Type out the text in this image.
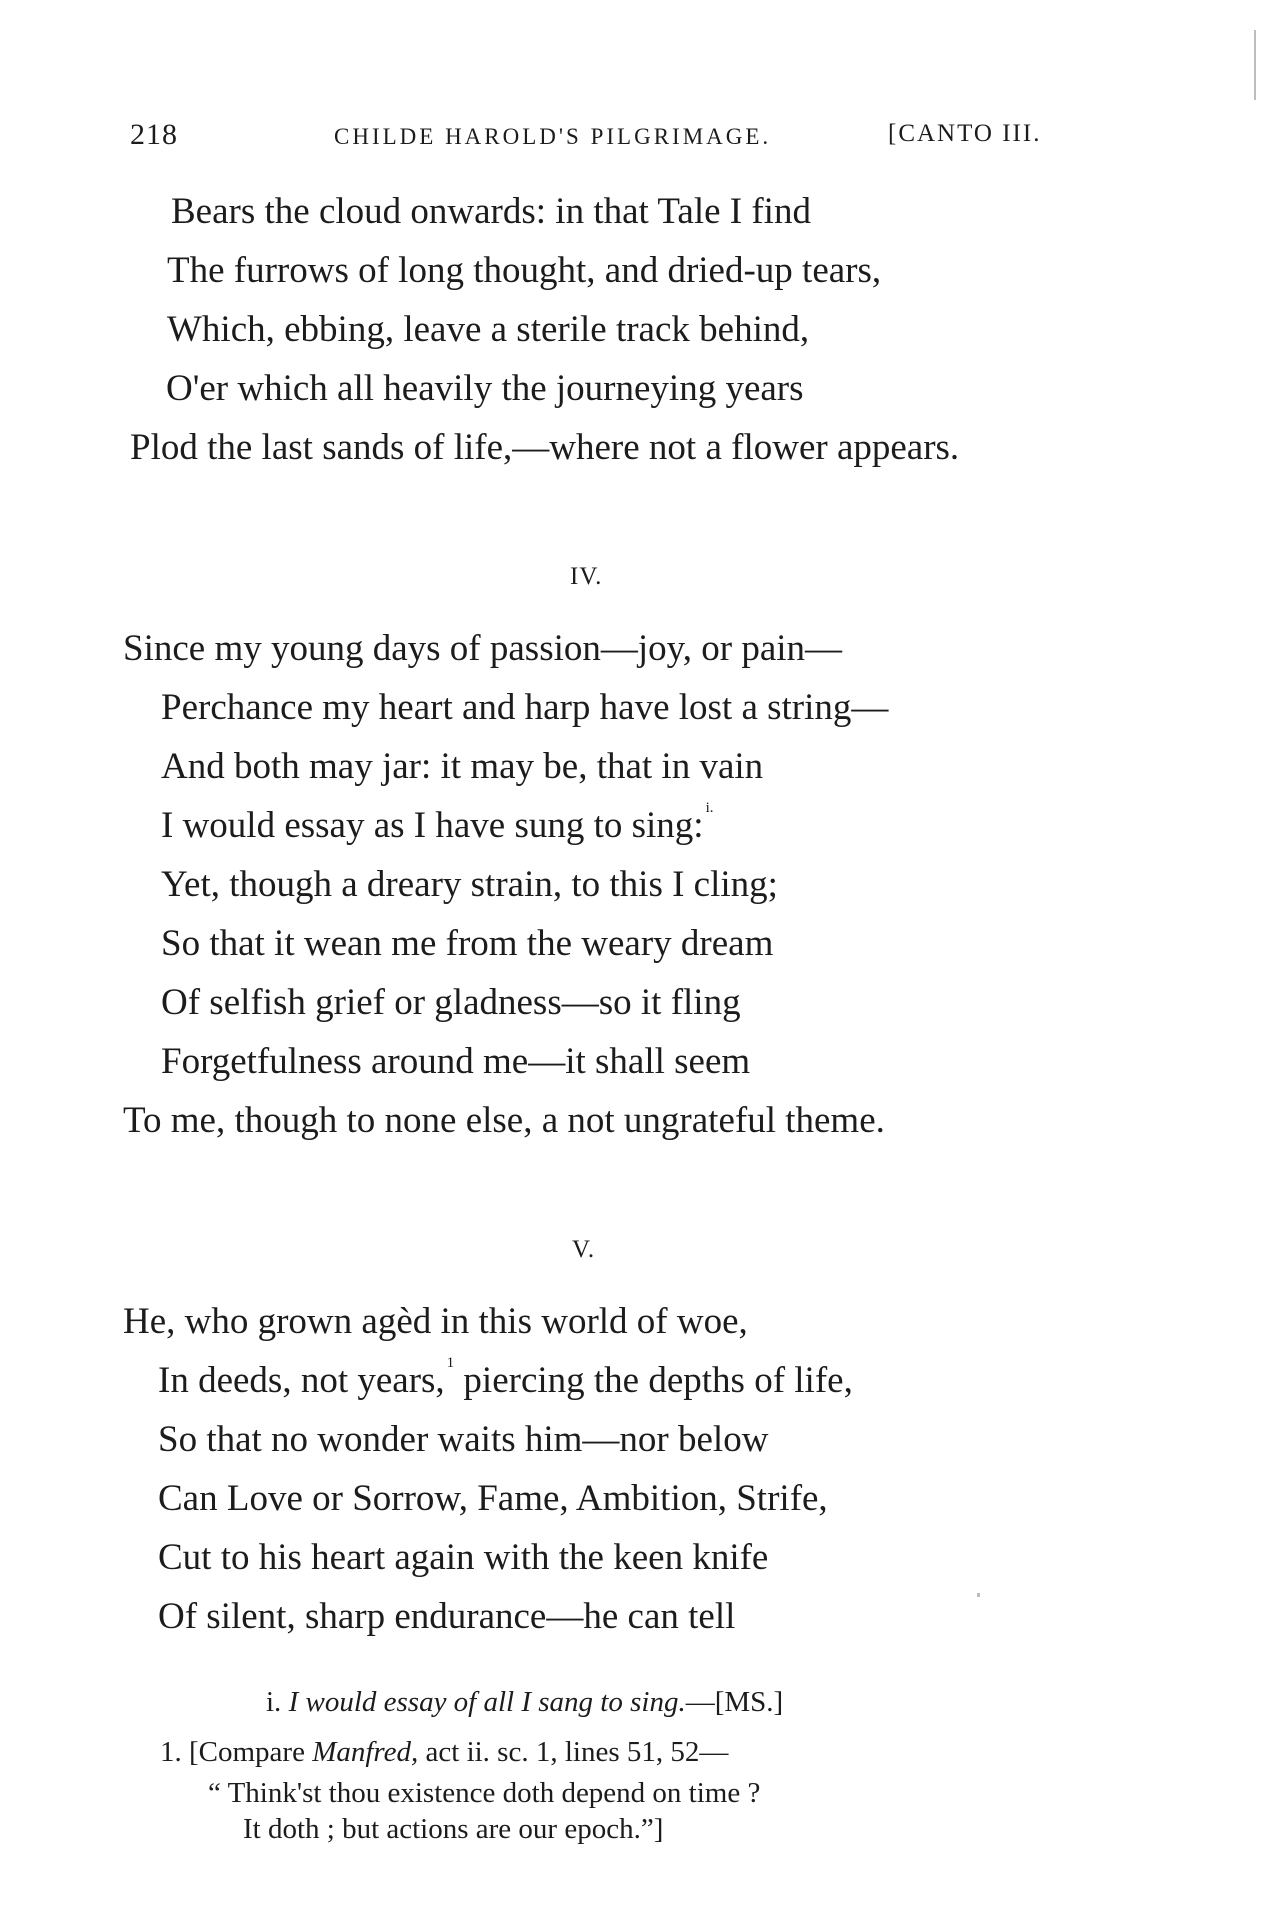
218	CHILDE HAROLD'S PILGRIMAGE.	[CANTO III.
Bears the cloud onwards: in that Tale I find
The furrows of long thought, and dried-up tears,
Which, ebbing, leave a sterile track behind,
O'er which all heavily the journeying years
Plod the last sands of life,—where not a flower appears.
IV.
Since my young days of passion—joy, or pain—
Perchance my heart and harp have lost a string—
And both may jar: it may be, that in vain
I would essay as I have sung to sing: $^{i.}$
Yet, though a dreary strain, to this I cling;
So that it wean me from the weary dream
Of selfish grief or gladness—so it fling
Forgetfulness around me—it shall seem
To me, though to none else, a not ungrateful theme.
V.
He, who grown agèd in this world of woe,
In deeds, not years, $^1$ piercing the depths of life,
So that no wonder waits him—nor below
Can Love or Sorrow, Fame, Ambition, Strife,
Cut to his heart again with the keen knife
Of silent, sharp endurance—he can tell
i. I would essay of all I sang to sing.—[MS.]
1. [Compare Manfred, act ii. sc. 1, lines 51, 52—
“ Think'st thou existence doth depend on time ?
It doth ; but actions are our epoch.”]
